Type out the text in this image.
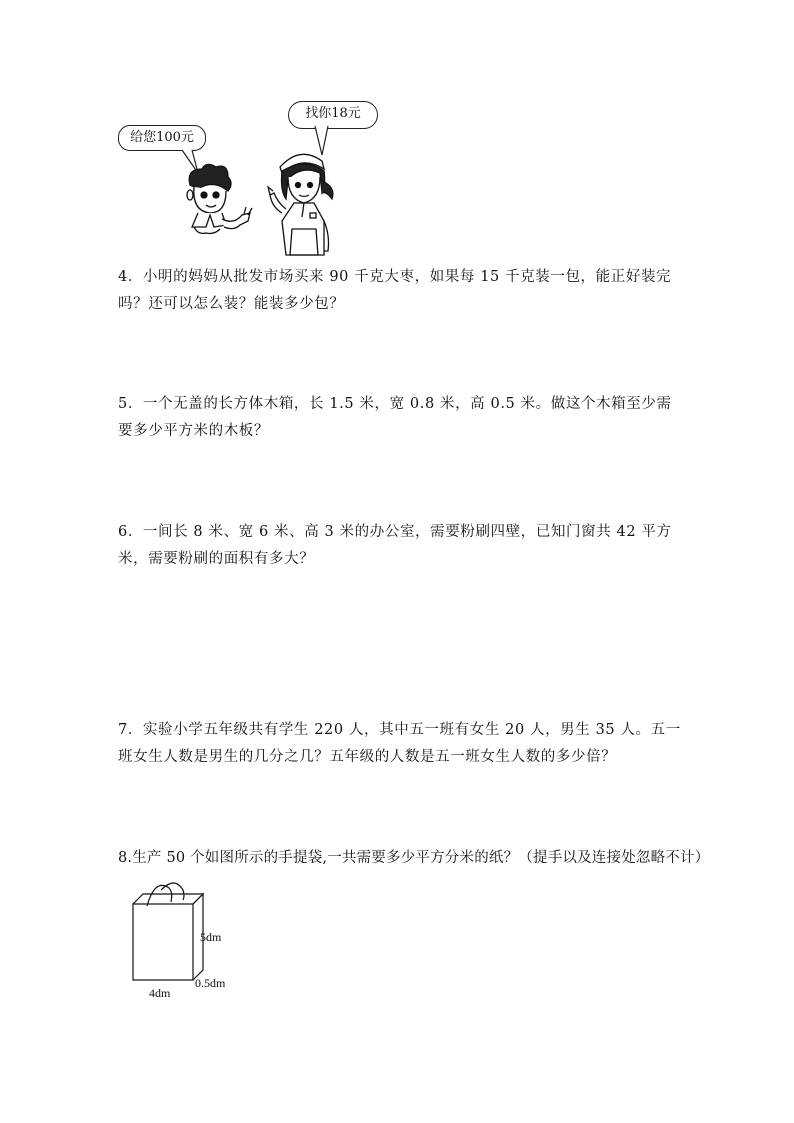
给您100元
找你18元
4．小明的妈妈从批发市场买来 90 千克大枣，如果每 15 千克装一包，能正好装完吗？还可以怎么装？能装多少包？
5．一个无盖的长方体木箱，长 1.5 米，宽 0.8 米，高 0.5 米。做这个木箱至少需要多少平方米的木板？
6．一间长 8 米、宽 6 米、高 3 米的办公室，需要粉刷四壁，已知门窗共 42 平方米，需要粉刷的面积有多大？
7．实验小学五年级共有学生 220 人，其中五一班有女生 20 人，男生 35 人。五一班女生人数是男生的几分之几？五年级的人数是五一班女生人数的多少倍？
8.生产 50 个如图所示的手提袋,一共需要多少平方分米的纸？（提手以及连接处忽略不计）
5dm
4dm
0.5dm
